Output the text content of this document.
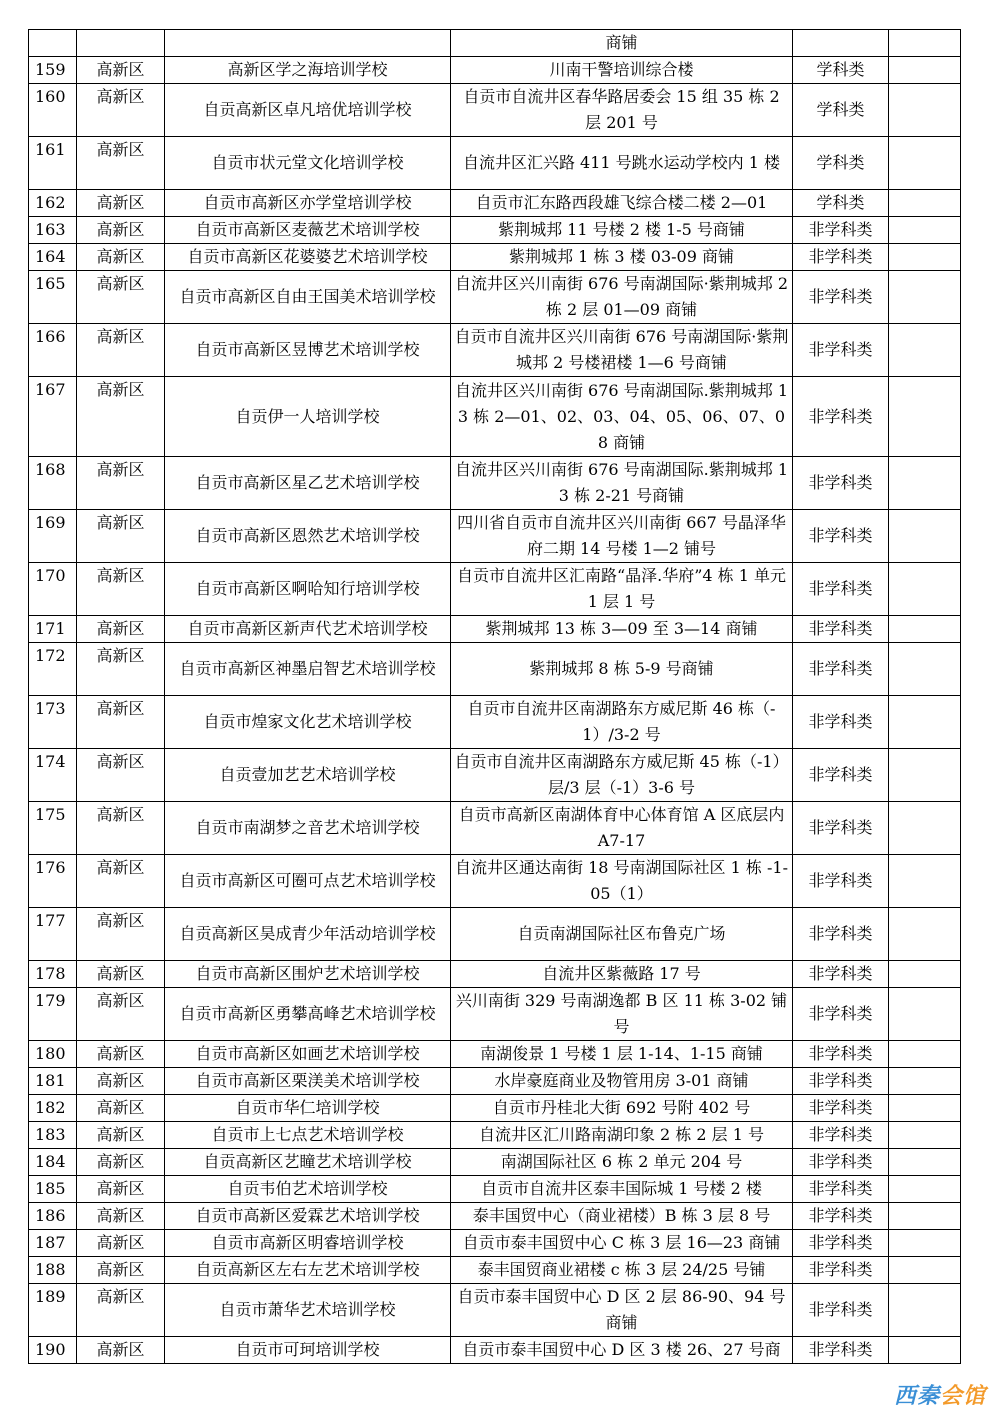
			商铺		
159	高新区	高新区学之海培训学校	川南干警培训综合楼	学科类	
160	高新区	自贡高新区卓凡培优培训学校	自贡市自流井区春华路居委会 15 组 35 栋 2 层 201 号	学科类	
161	高新区	自贡市状元堂文化培训学校	自流井区汇兴路 411 号跳水运动学校内 1 楼	学科类	
162	高新区	自贡市高新区亦学堂培训学校	自贡市汇东路西段雄飞综合楼二楼 2—01	学科类	
163	高新区	自贡市高新区麦薇艺术培训学校	紫荆城邦 11 号楼 2 楼 1-5 号商铺	非学科类	
164	高新区	自贡市高新区花婆婆艺术培训学校	紫荆城邦 1 栋 3 楼 03-09 商铺	非学科类	
165	高新区	自贡市高新区自由王国美术培训学校	自流井区兴川南街 676 号南湖国际·紫荆城邦 2 栋 2 层 01—09 商铺	非学科类	
166	高新区	自贡市高新区昱博艺术培训学校	自贡市自流井区兴川南街 676 号南湖国际·紫荆城邦 2 号楼裙楼 1—6 号商铺	非学科类	
167	高新区	自贡伊一人培训学校	自流井区兴川南街 676 号南湖国际.紫荆城邦 13 栋 2—01、02、03、04、05、06、07、08 商铺	非学科类	
168	高新区	自贡市高新区星乙艺术培训学校	自流井区兴川南街 676 号南湖国际.紫荆城邦 13 栋 2-21 号商铺	非学科类	
169	高新区	自贡市高新区恩然艺术培训学校	四川省自贡市自流井区兴川南街 667 号晶泽华府二期 14 号楼 1—2 铺号	非学科类	
170	高新区	自贡市高新区啊哈知行培训学校	自贡市自流井区汇南路“晶泽.华府”4 栋 1 单元 1 层 1 号	非学科类	
171	高新区	自贡市高新区新声代艺术培训学校	紫荆城邦 13 栋 3—09 至 3—14 商铺	非学科类	
172	高新区	自贡市高新区神墨启智艺术培训学校	紫荆城邦 8 栋 5-9 号商铺	非学科类	
173	高新区	自贡市煌家文化艺术培训学校	自贡市自流井区南湖路东方威尼斯 46 栋（-1）/3-2 号	非学科类	
174	高新区	自贡壹加艺艺术培训学校	自贡市自流井区南湖路东方威尼斯 45 栋（-1）层/3 层（-1）3-6 号	非学科类	
175	高新区	自贡市南湖梦之音艺术培训学校	自贡市高新区南湖体育中心体育馆 A 区底层内 A7-17	非学科类	
176	高新区	自贡市高新区可圈可点艺术培训学校	自流井区通达南街 18 号南湖国际社区 1 栋 -1-05（1）	非学科类	
177	高新区	自贡高新区昊成青少年活动培训学校	自贡南湖国际社区布鲁克广场	非学科类	
178	高新区	自贡市高新区围炉艺术培训学校	自流井区紫薇路 17 号	非学科类	
179	高新区	自贡市高新区勇攀高峰艺术培训学校	兴川南街 329 号南湖逸都 B 区 11 栋 3-02 铺号	非学科类	
180	高新区	自贡市高新区如画艺术培训学校	南湖俊景 1 号楼 1 层 1-14、1-15 商铺	非学科类	
181	高新区	自贡市高新区栗渼美术培训学校	水岸豪庭商业及物管用房 3-01 商铺	非学科类	
182	高新区	自贡市华仁培训学校	自贡市丹桂北大街 692 号附 402 号	非学科类	
183	高新区	自贡市上七点艺术培训学校	自流井区汇川路南湖印象 2 栋 2 层 1 号	非学科类	
184	高新区	自贡高新区艺瞳艺术培训学校	南湖国际社区 6 栋 2 单元 204 号	非学科类	
185	高新区	自贡韦伯艺术培训学校	自贡市自流井区泰丰国际城 1 号楼 2 楼	非学科类	
186	高新区	自贡市高新区爱霖艺术培训学校	泰丰国贸中心（商业裙楼）B 栋 3 层 8 号	非学科类	
187	高新区	自贡市高新区明睿培训学校	自贡市泰丰国贸中心 C 栋 3 层 16—23 商铺	非学科类	
188	高新区	自贡高新区左右左艺术培训学校	泰丰国贸商业裙楼 c 栋 3 层 24/25 号铺	非学科类	
189	高新区	自贡市萧华艺术培训学校	自贡市泰丰国贸中心 D 区 2 层 86-90、94 号商铺	非学科类	
190	高新区	自贡市可珂培训学校	自贡市泰丰国贸中心 D 区 3 楼 26、27 号商	非学科类	
西秦会馆
